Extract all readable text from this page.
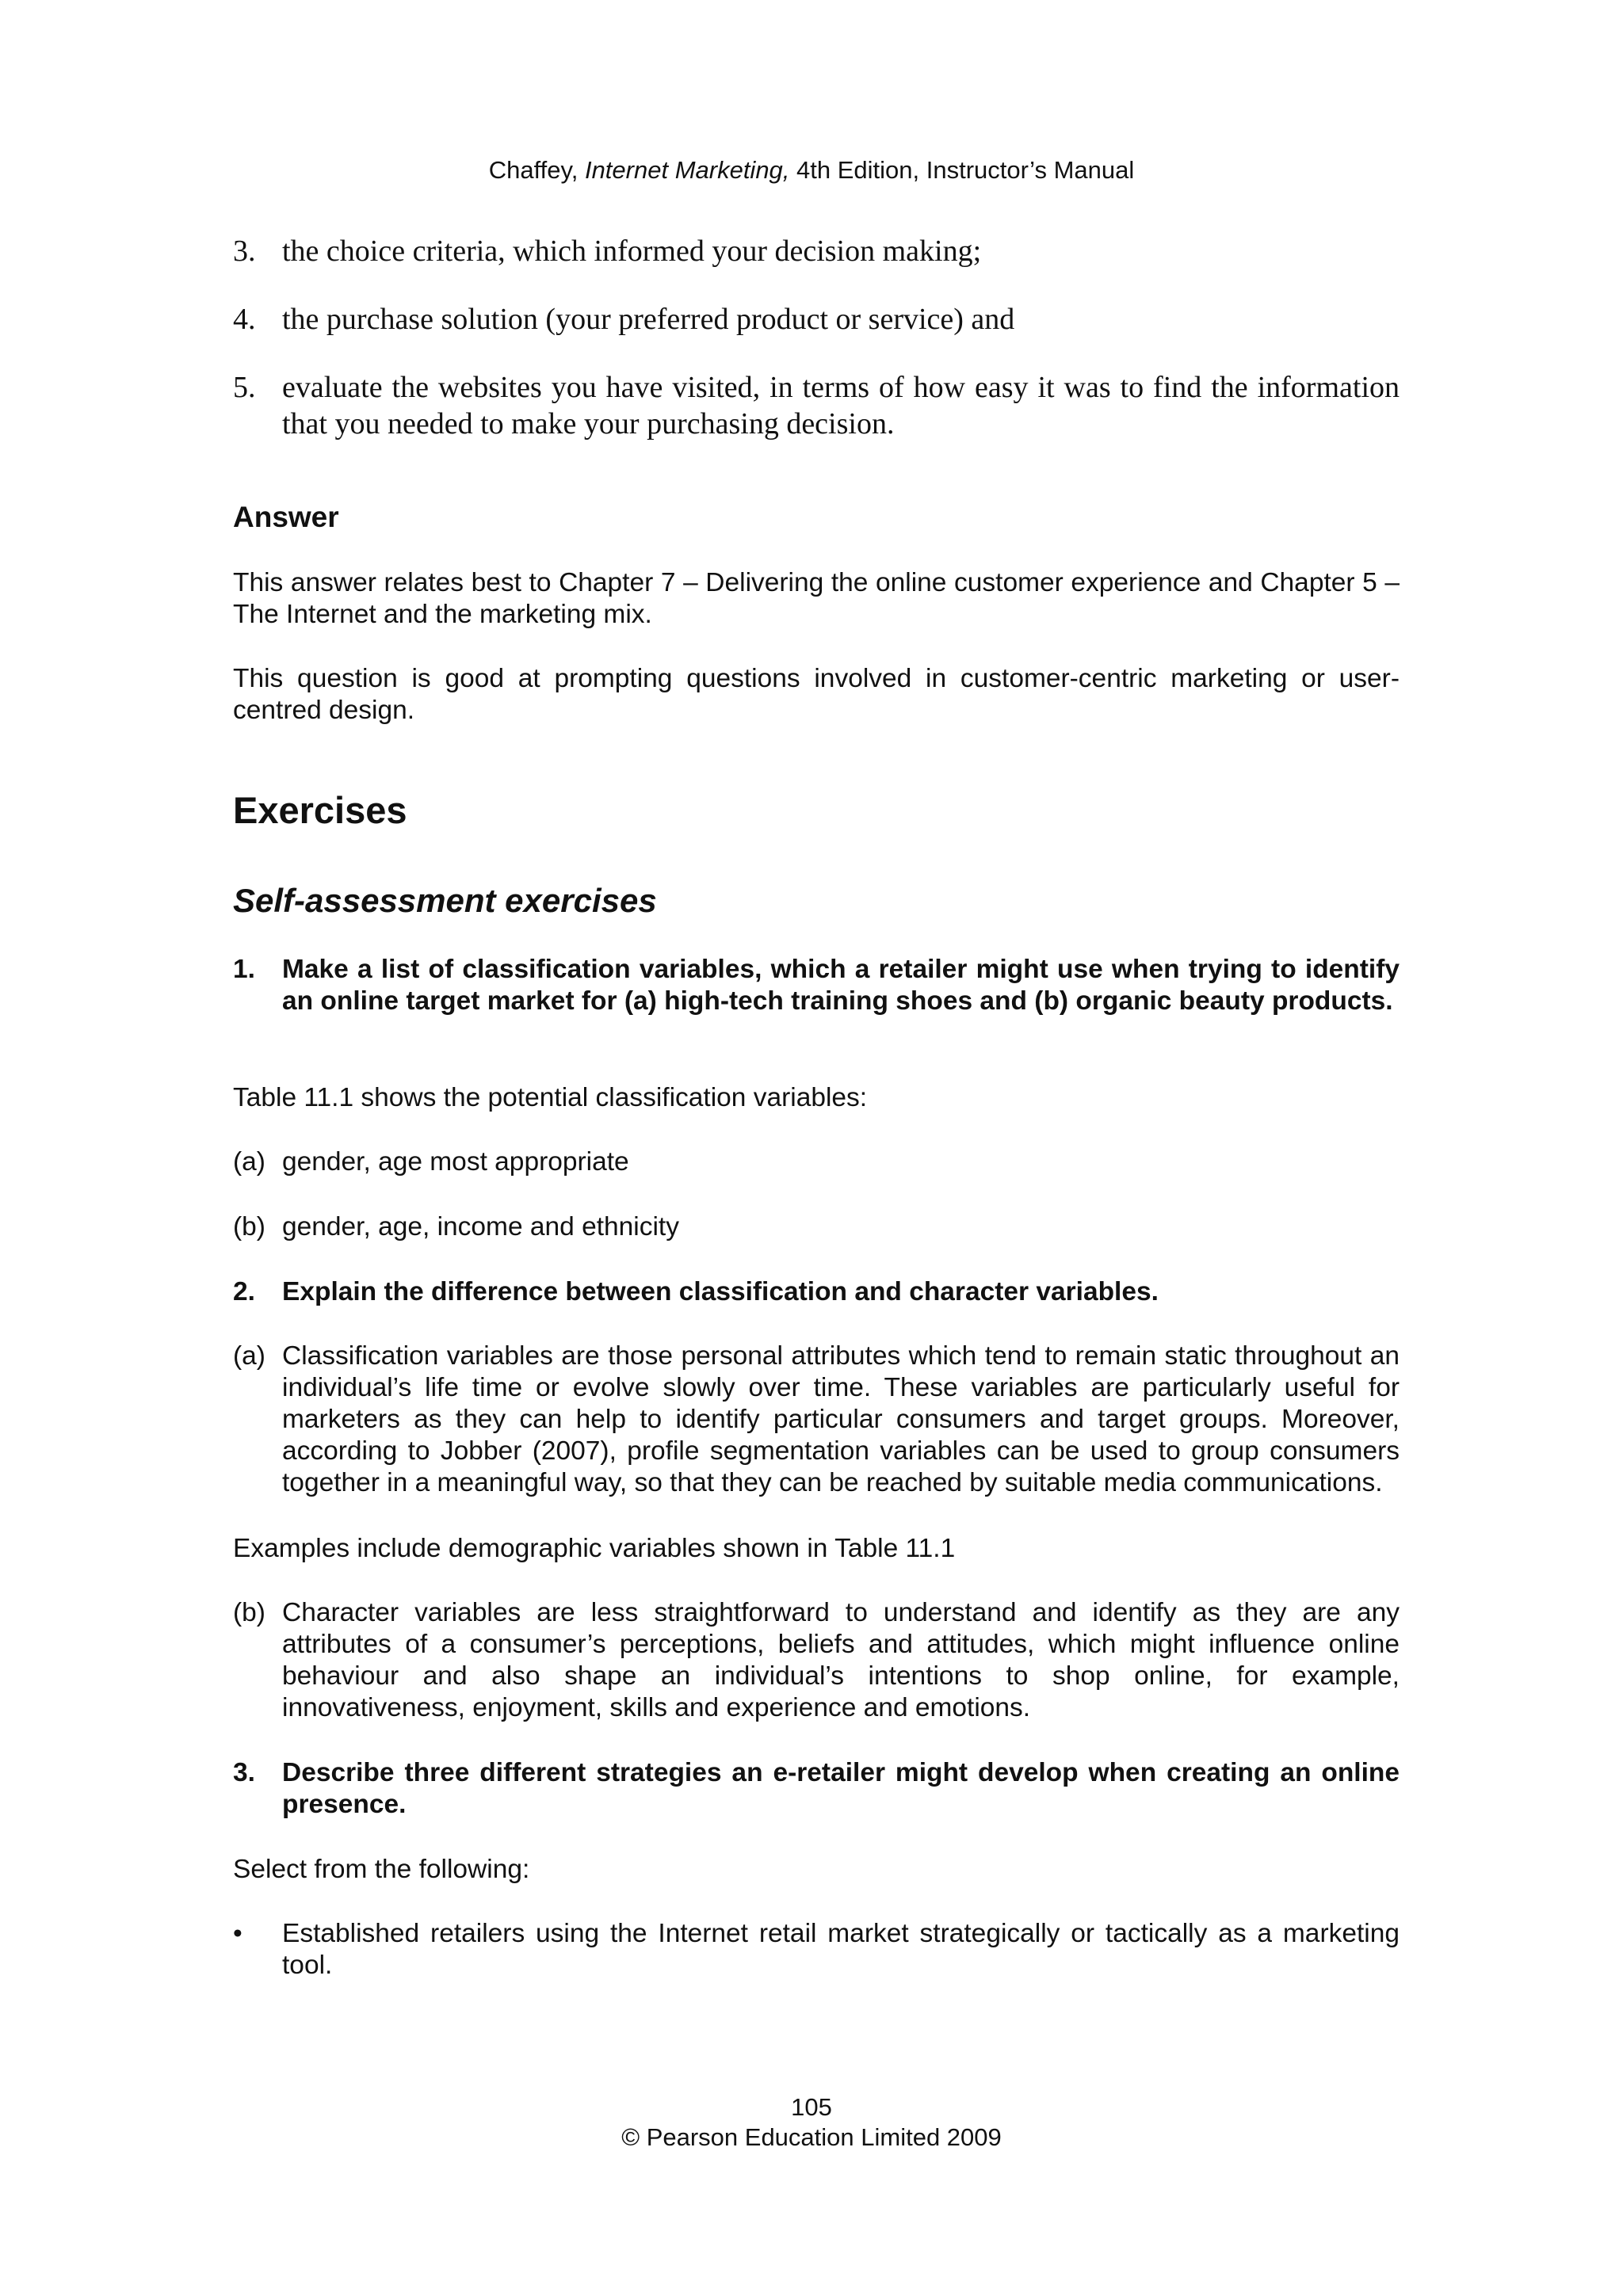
Chaffey, Internet Marketing, 4th Edition, Instructor’s Manual
3. the choice criteria, which informed your decision making;
4. the purchase solution (your preferred product or service) and
5. evaluate the websites you have visited, in terms of how easy it was to find the information that you needed to make your purchasing decision.
Answer
This answer relates best to Chapter 7 – Delivering the online customer experience and Chapter 5 – The Internet and the marketing mix.
This question is good at prompting questions involved in customer-centric marketing or user-centred design.
Exercises
Self-assessment exercises
1. Make a list of classification variables, which a retailer might use when trying to identify an online target market for (a) high-tech training shoes and (b) organic beauty products.
Table 11.1 shows the potential classification variables:
(a) gender, age most appropriate
(b) gender, age, income and ethnicity
2. Explain the difference between classification and character variables.
(a) Classification variables are those personal attributes which tend to remain static throughout an individual’s life time or evolve slowly over time. These variables are particularly useful for marketers as they can help to identify particular consumers and target groups. Moreover, according to Jobber (2007), profile segmentation variables can be used to group consumers together in a meaningful way, so that they can be reached by suitable media communications.
Examples include demographic variables shown in Table 11.1
(b) Character variables are less straightforward to understand and identify as they are any attributes of a consumer’s perceptions, beliefs and attitudes, which might influence online behaviour and also shape an individual’s intentions to shop online, for example, innovativeness, enjoyment, skills and experience and emotions.
3. Describe three different strategies an e-retailer might develop when creating an online presence.
Select from the following:
• Established retailers using the Internet retail market strategically or tactically as a marketing tool.
105
© Pearson Education Limited 2009
